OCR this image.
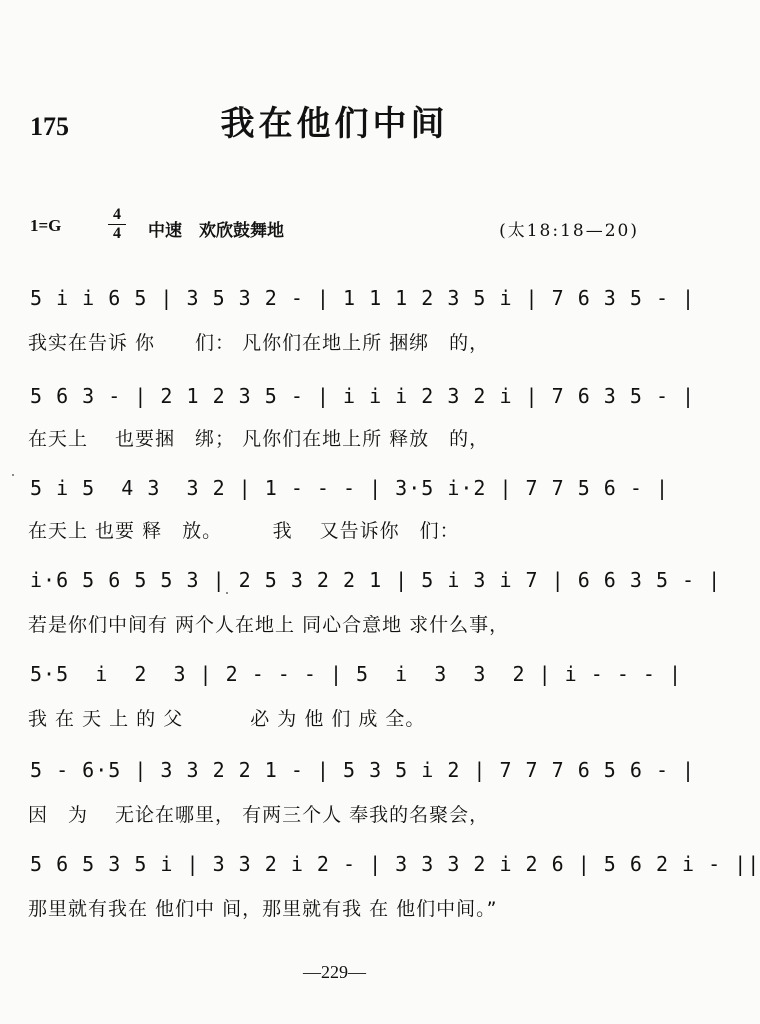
175	我在他们中间
1=G
4
4 中速　欢欣鼓舞地	(太18:18—20)
5 i i 6 5 | 3 5 3 2 - | 1 1 1 2 3 5 i | 7 6 3 5 - |
我实在告诉 你　　们： 凡你们在地上所 捆绑　的，
5 6 3 - | 2 1 2 3 5 - | i i i 2 3 2 i | 7 6 3 5 - |
在天上　 也要捆　绑； 凡你们在地上所 释放　的，
5 i 5  4 3  3 2 | 1 - - - | 3·5 i·2 | 7 7 5 6 - |
在天上 也要 释　放。　　　我　 又告诉你　们：
i·6 5 6 5 5 3 | 2 5 3 2 2 1 | 5 i 3 i 7 | 6 6 3 5 - |
若是你们中间有 两个人在地上 同心合意地 求什么事，
5·5  i  2  3 | 2 - - - | 5  i  3  3  2 | i - - - |
我 在 天 上 的 父　　　 必 为 他 们 成 全。
5 - 6·5 | 3 3 2 2 1 - | 5 3 5 i 2 | 7 7 7 6 5 6 - |
因　为　 无论在哪里， 有两三个人 奉我的名聚会，
5 6 5 3 5 i | 3 3 2 i 2 - | 3 3 3 2 i 2 6 | 5 6 2 i - ||
那里就有我在 他们中 间，那里就有我 在 他们中间。”
—229—
